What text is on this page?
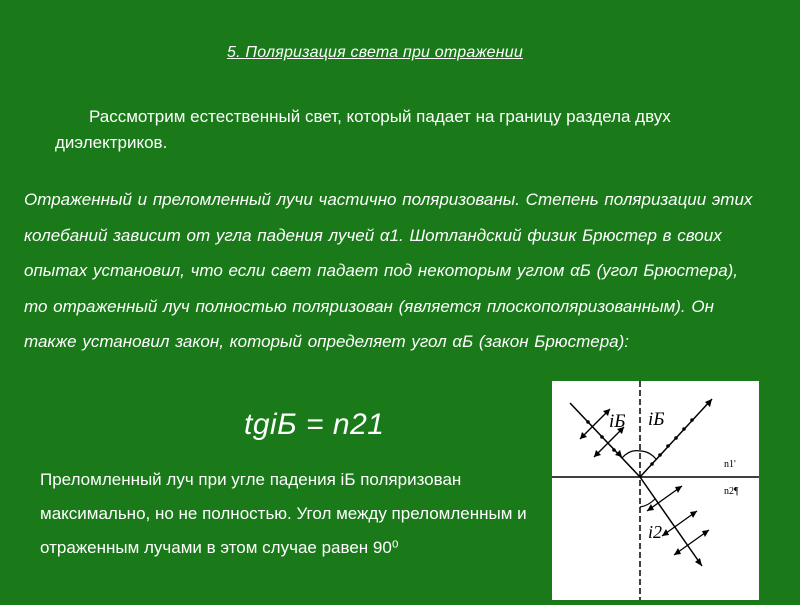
5. Поляризация света при отражении
Рассмотрим естественный свет, который падает на границу раздела двух диэлектриков.
Отраженный и преломленный лучи частично поляризованы. Степень поляризации этих колебаний зависит от угла падения лучей α1. Шотландский физик Брюстер в своих опытах установил, что если свет падает под некоторым углом αБ (угол Брюстера), то отраженный луч полностью поляризован (является плоскополяризованным). Он также установил закон, который определяет угол αБ (закон Брюстера):
tgiБ = n21
Преломленный луч при угле падения iБ поляризован максимально, но не полностью. Угол между преломленным и отраженным лучами в этом случае равен 90⁰
iБ iБ
n1'
n2¶
i2
